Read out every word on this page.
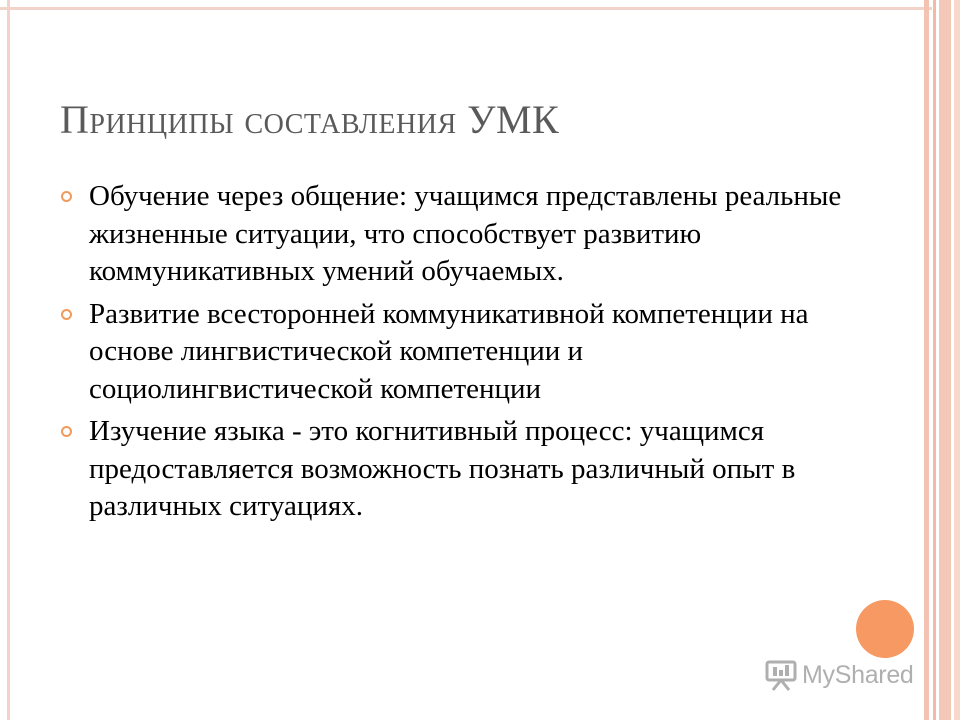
Принципы составления УМК
Обучение через общение: учащимся представлены реальные жизненные ситуации, что способствует развитию коммуникативных умений обучаемых.
Развитие всесторонней коммуникативной компетенции на основе лингвистической компетенции и социолингвистической компетенции
Изучение языка - это когнитивный процесс: учащимся предоставляется возможность познать различный опыт в различных ситуациях.
MyShared
